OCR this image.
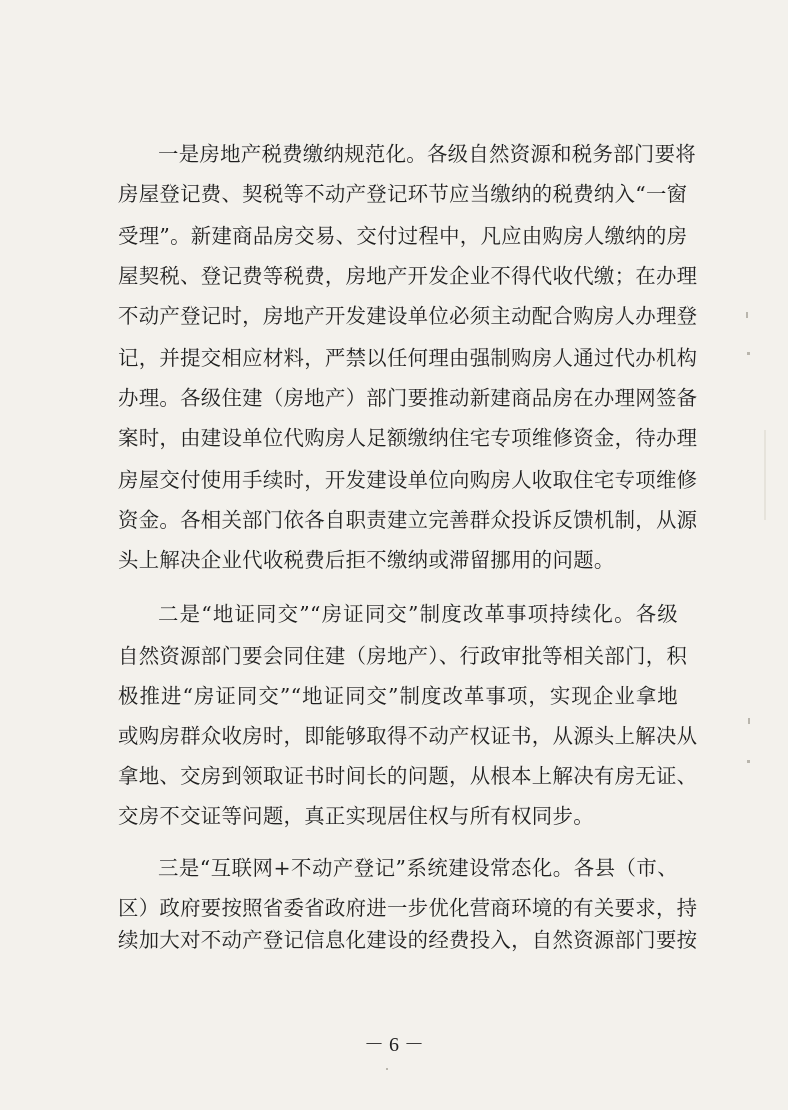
一是房地产税费缴纳规范化。各级自然资源和税务部门要将
房屋登记费、契税等不动产登记环节应当缴纳的税费纳入“一窗
受理”。新建商品房交易、交付过程中，凡应由购房人缴纳的房
屋契税、登记费等税费，房地产开发企业不得代收代缴；在办理
不动产登记时，房地产开发建设单位必须主动配合购房人办理登
记，并提交相应材料，严禁以任何理由强制购房人通过代办机构
办理。各级住建（房地产）部门要推动新建商品房在办理网签备
案时，由建设单位代购房人足额缴纳住宅专项维修资金，待办理
房屋交付使用手续时，开发建设单位向购房人收取住宅专项维修
资金。各相关部门依各自职责建立完善群众投诉反馈机制，从源
头上解决企业代收税费后拒不缴纳或滞留挪用的问题。
二是“地证同交”“房证同交”制度改革事项持续化。各级
自然资源部门要会同住建（房地产）、行政审批等相关部门，积
极推进“房证同交”“地证同交”制度改革事项，实现企业拿地
或购房群众收房时，即能够取得不动产权证书，从源头上解决从
拿地、交房到领取证书时间长的问题，从根本上解决有房无证、
交房不交证等问题，真正实现居住权与所有权同步。
三是“互联网+不动产登记”系统建设常态化。各县（市、
区）政府要按照省委省政府进一步优化营商环境的有关要求，持
续加大对不动产登记信息化建设的经费投入，自然资源部门要按
－ 6 －
